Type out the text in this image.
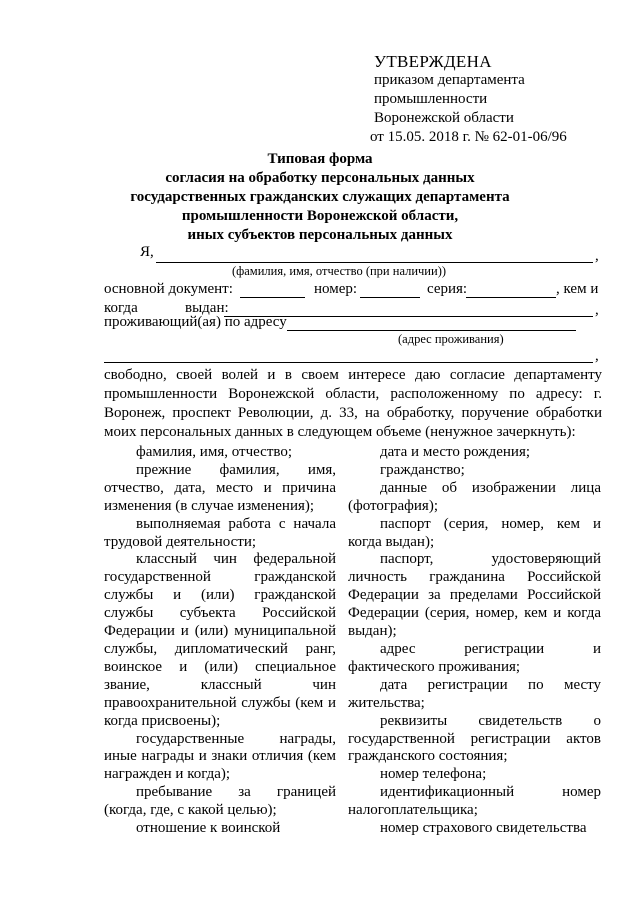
УТВЕРЖДЕНА
приказом департамента
промышленности
Воронежской области
от 15.05. 2018 г. № 62-01-06/96
Типовая форма
согласия на обработку персональных данных
государственных гражданских служащих департамента
промышленности Воронежской области,
иных субъектов персональных данных
Я,	,
(фамилия, имя, отчество (при наличии))
основной документ:	номер:	серия:	, кем и
когда	выдан:	,
проживающий(ая) по адресу
(адрес проживания)
,
свободно, своей волей и в своем интересе даю согласие департаменту промышленности Воронежской области, расположенному по адресу: г. Воронеж, проспект Революции, д. 33, на обработку, поручение обработки моих персональных данных в следующем объеме (ненужное зачеркнуть):

фамилия, имя, отчество;

прежние фамилия, имя, отчество, дата, место и причина изменения (в случае изменения);

выполняемая работа с начала трудовой деятельности;

классный чин федеральной государственной гражданской службы и (или) гражданской службы субъекта Российской Федерации и (или) муниципальной службы, дипломатический ранг, воинское и (или) специальное звание, классный чин правоохранительной службы (кем и когда присвоены);

государственные награды, иные награды и знаки отличия (кем награжден и когда);

пребывание за границей (когда, где, с какой целью);

отношение к воинской

дата и место рождения;

гражданство;

данные об изображении лица (фотография);

паспорт (серия, номер, кем и когда выдан);

паспорт, удостоверяющий личность гражданина Российской Федерации за пределами Российской Федерации (серия, номер, кем и когда выдан);

адрес регистрации и фактического проживания;

дата регистрации по месту жительства;

реквизиты свидетельств о государственной регистрации актов гражданского состояния;

номер телефона;

идентификационный номер налогоплательщика;

номер страхового свидетельства
